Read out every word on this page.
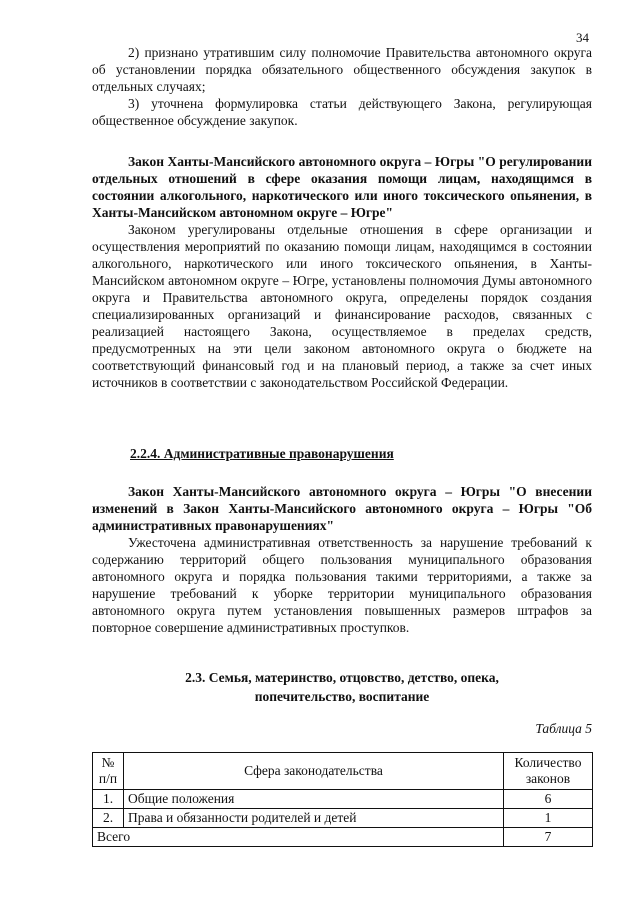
34
2) признано утратившим силу полномочие Правительства автономного округа об установлении порядка обязательного общественного обсуждения закупок в отдельных случаях;
3) уточнена формулировка статьи действующего Закона, регулирующая общественное обсуждение закупок.
Закон Ханты-Мансийского автономного округа – Югры "О регулировании отдельных отношений в сфере оказания помощи лицам, находящимся в состоянии алкогольного, наркотического или иного токсического опьянения, в Ханты-Мансийском автономном округе – Югре"
Законом урегулированы отдельные отношения в сфере организации и осуществления мероприятий по оказанию помощи лицам, находящимся в состоянии алкогольного, наркотического или иного токсического опьянения, в Ханты-Мансийском автономном округе – Югре, установлены полномочия Думы автономного округа и Правительства автономного округа, определены порядок создания специализированных организаций и финансирование расходов, связанных с реализацией настоящего Закона, осуществляемое в пределах средств, предусмотренных на эти цели законом автономного округа о бюджете на соответствующий финансовый год и на плановый период, а также за счет иных источников в соответствии с законодательством Российской Федерации.
2.2.4. Административные правонарушения
Закон Ханты-Мансийского автономного округа – Югры "О внесении изменений в Закон Ханты-Мансийского автономного округа – Югры "Об административных правонарушениях"
Ужесточена административная ответственность за нарушение требований к содержанию территорий общего пользования муниципального образования автономного округа и порядка пользования такими территориями, а также за нарушение требований к уборке территории муниципального образования автономного округа путем установления повышенных размеров штрафов за повторное совершение административных проступков.
2.3. Семья, материнство, отцовство, детство, опека,
попечительство, воспитание
Таблица 5
№ п/п	Сфера законодательства	Количество законов
1.	Общие положения	6
2.	Права и обязанности родителей и детей	1
Всего		7
